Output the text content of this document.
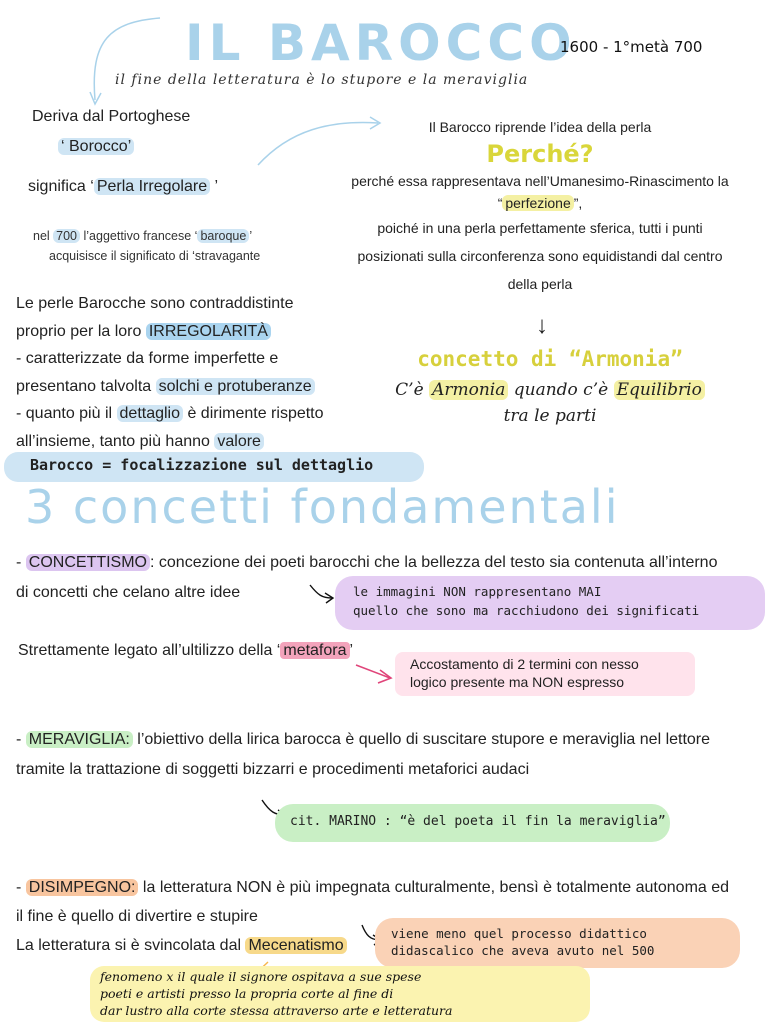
IL BAROCCO
1600 - 1°metà 700
il fine della letteratura è lo stupore e la meraviglia
Deriva dal Portoghese
‘ Borocco’
significa ‘ Perla Irregolare ’
nel 700 l’aggettivo francese ‘ baroque ’
acquisisce il significato di ‘stravagante
Il Barocco riprende l’idea della perla
Perché?
perché essa rappresentava nell’Umanesimo-Rinascimento la
“ perfezione ”,
poiché in una perla perfettamente sferica, tutti i punti
posizionati sulla circonferenza sono equidistandi dal centro
della perla
↓
concetto di “Armonia”
C’è Armonia quando c’è Equilibrio
tra le parti
Le perle Barocche sono contraddistinte
proprio per la loro IRREGOLARITÀ
- caratterizzate da forme imperfette e
presentano talvolta solchi e protuberanze
- quanto più il dettaglio è dirimente rispetto
all’insieme, tanto più hanno valore
Barocco = focalizzazione sul dettaglio
3 concetti fondamentali
- CONCETTISMO : concezione dei poeti barocchi che la bellezza del testo sia contenuta all’interno
di concetti che celano altre idee	le immagini NON rappresentano MAI
quello che sono ma racchiudono dei significati
Strettamente legato all’ultilizzo della ‘ metafora ’
Accostamento di 2 termini con nesso
logico presente ma NON espresso
- MERAVIGLIA: l’obiettivo della lirica barocca è quello di suscitare stupore e meraviglia nel lettore
tramite la trattazione di soggetti bizzarri e procedimenti metaforici audaci
cit. MARINO : “è del poeta il fin la meraviglia”
- DISIMPEGNO: la letteratura NON è più impegnata culturalmente, bensì è totalmente autonoma ed
il fine è quello di divertire e stupire
La letteratura si è svincolata dal Mecenatismo
viene meno quel processo didattico
didascalico che aveva avuto nel 500
fenomeno x il quale il signore ospitava a sue spese
poeti e artisti presso la propria corte al fine di
dar lustro alla corte stessa attraverso arte e letteratura
